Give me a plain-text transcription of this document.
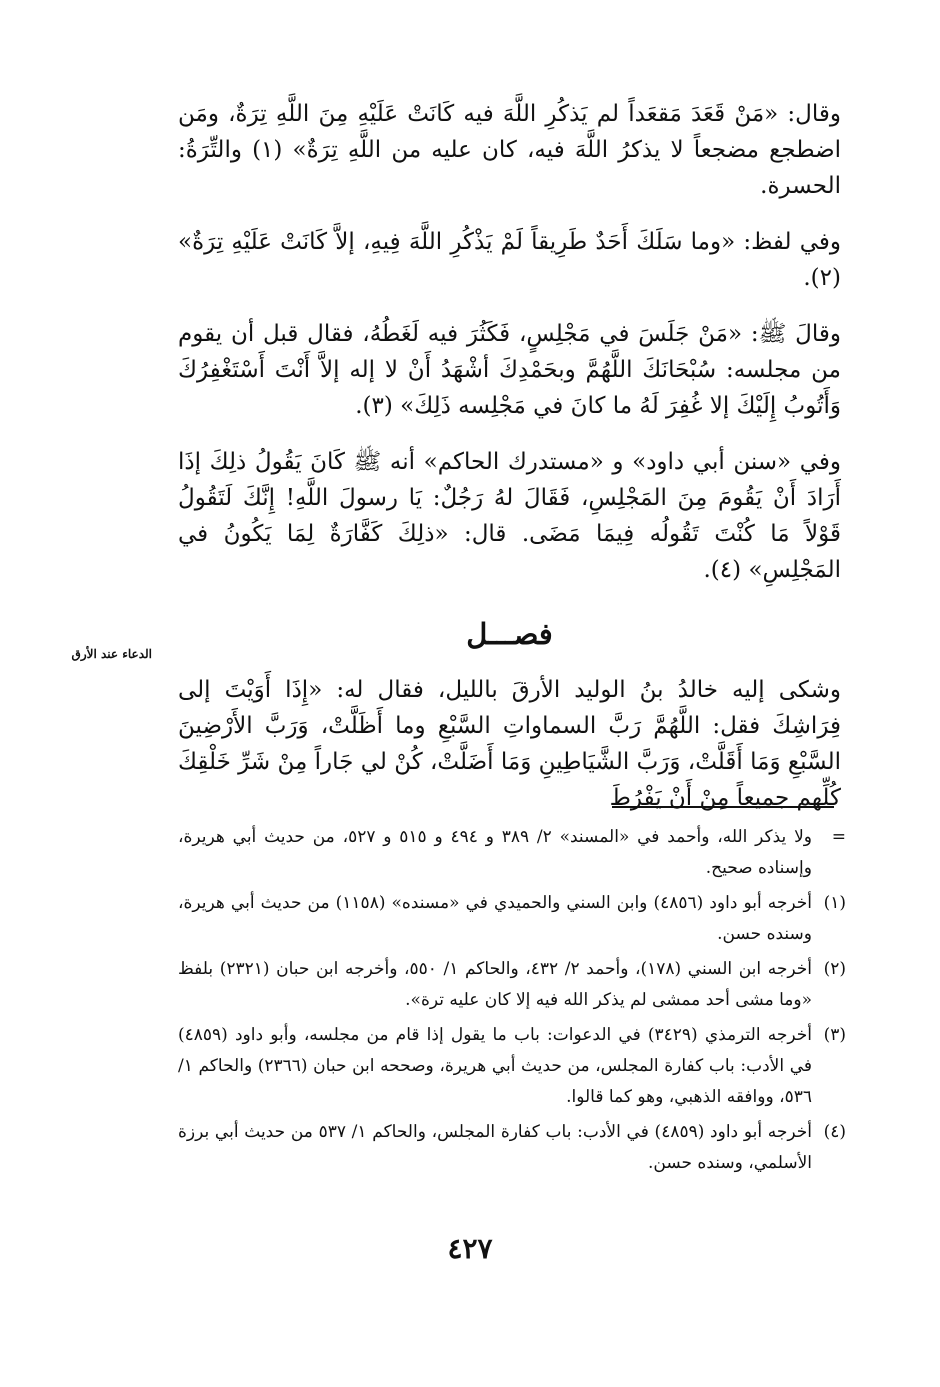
الدعاء عند الأرق

وقال: «مَنْ قَعَدَ مَقعَداً لم يَذكُرِ اللَّهَ فيه كَانَتْ عَلَيْهِ مِنَ اللَّهِ تِرَةٌ، ومَن اضطجع مضجعاً لا يذكرُ اللَّهَ فيه، كان عليه من اللَّهِ تِرَةٌ» (١) والتِّرَةُ: الحسرة.

وفي لفظ: «وما سَلَكَ أَحَدٌ طَرِيقاً لَمْ يَذْكُرِ اللَّهَ فِيهِ، إلاَّ كَانَتْ عَلَيْهِ تِرَةٌ» (٢).

وقالَ ﷺ: «مَنْ جَلَسَ في مَجْلِسٍ، فَكَثُرَ فيه لَغَطُهُ، فقال قبل أن يقوم من مجلسه: سُبْحَانَكَ اللَّهُمَّ وبحَمْدِكَ أشْهَدُ أَنْ لا إله إلاَّ أَنْتَ أَسْتَغْفِرُكَ وَأَتُوبُ إِلَيْكَ إلا غُفِرَ لَهُ ما كانَ في مَجْلِسه ذَلِكَ» (٣).

وفي «سنن أبي داود» و «مستدرك الحاكم» أنه ﷺ كَانَ يَقُولُ ذلِكَ إذَا أَرَادَ أَنْ يَقُومَ مِنَ المَجْلِسِ، فَقَالَ لهُ رَجُلٌ: يَا رسولَ اللَّهِ! إِنَّكَ لَتَقُولُ قَوْلاً مَا كُنْتَ تَقُولُه فِيمَا مَضَى. قال: «ذلِكَ كَفَّارَةٌ لِمَا يَكُونُ في المَجْلِسِ» (٤).

فصـــل

وشكى إليه خالدُ بنُ الوليد الأرقَ بالليل، فقال له: «إِذَا أَوَيْتَ إلى فِرَاشِكَ فقل: اللَّهُمَّ رَبَّ السماواتِ السَّبْعِ وما أَظَلَّتْ، وَرَبَّ الأَرْضِينَ السَّبْعِ وَمَا أَقَلَّتْ، وَرَبَّ الشَّيَاطِينِ وَمَا أَضَلَّتْ، كُنْ لي جَاراً مِنْ شَرِّ خَلْقِكَ كُلِّهم جميعاً مِنْ أَنْ يَفْرُطَ

=
ولا يذكر الله، وأحمد في «المسند» ٢/ ٣٨٩ و ٤٩٤ و ٥١٥ و ٥٢٧، من حديث أبي هريرة، وإسناده صحيح.
(١)
أخرجه أبو داود (٤٨٥٦) وابن السني والحميدي في «مسنده» (١١٥٨) من حديث أبي هريرة، وسنده حسن.
(٢)
أخرجه ابن السني (١٧٨)، وأحمد ٢/ ٤٣٢، والحاكم ١/ ٥٥٠، وأخرجه ابن حبان (٢٣٢١) بلفظ «وما مشى أحد ممشى لم يذكر الله فيه إلا كان عليه ترة».
(٣)
أخرجه الترمذي (٣٤٢٩) في الدعوات: باب ما يقول إذا قام من مجلسه، وأبو داود (٤٨٥٩) في الأدب: باب كفارة المجلس، من حديث أبي هريرة، وصححه ابن حبان (٢٣٦٦) والحاكم ١/ ٥٣٦، ووافقه الذهبي، وهو كما قالوا.
(٤)
أخرجه أبو داود (٤٨٥٩) في الأدب: باب كفارة المجلس، والحاكم ١/ ٥٣٧ من حديث أبي برزة الأسلمي، وسنده حسن.
٤٢٧
